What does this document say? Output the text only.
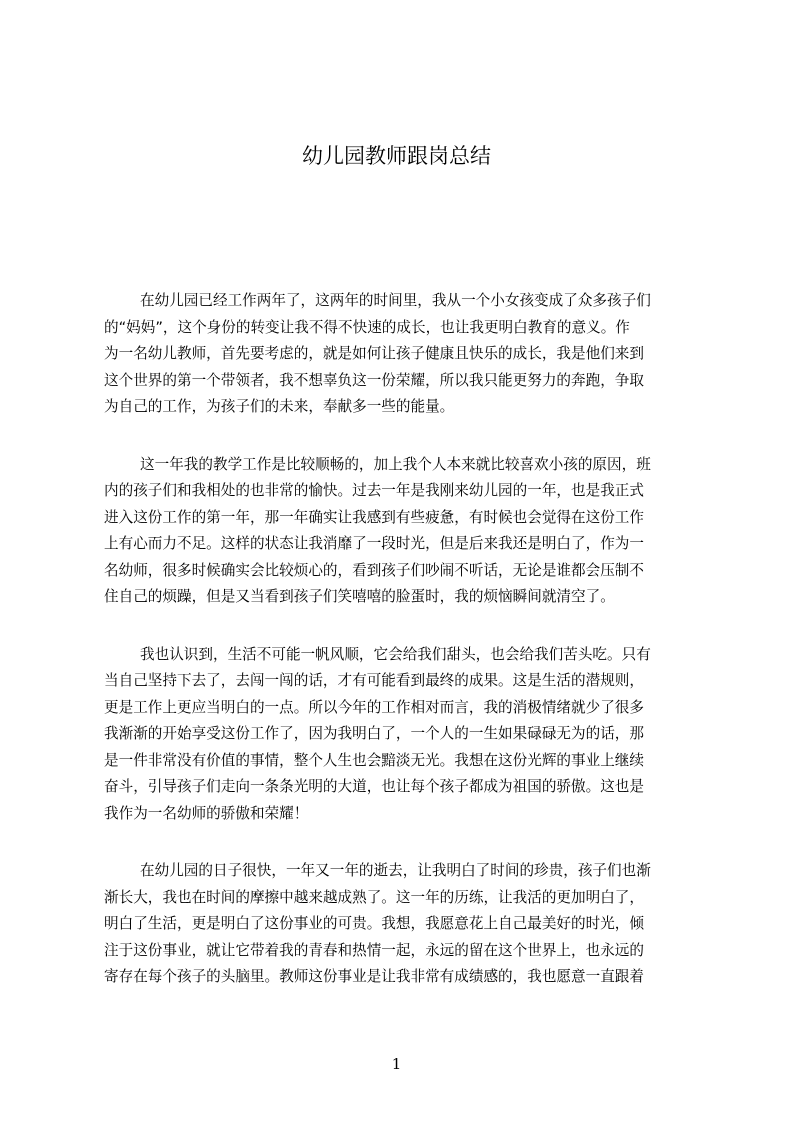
幼儿园教师跟岗总结

在幼儿园已经工作两年了，这两年的时间里，我从一个小女孩变成了众多孩子们
的“妈妈”，这个身份的转变让我不得不快速的成长，也让我更明白教育的意义。作
为一名幼儿教师，首先要考虑的，就是如何让孩子健康且快乐的成长，我是他们来到
这个世界的第一个带领者，我不想辜负这一份荣耀，所以我只能更努力的奔跑，争取
为自己的工作，为孩子们的未来，奉献多一些的能量。

这一年我的教学工作是比较顺畅的，加上我个人本来就比较喜欢小孩的原因，班
内的孩子们和我相处的也非常的愉快。过去一年是我刚来幼儿园的一年，也是我正式
进入这份工作的第一年，那一年确实让我感到有些疲惫，有时候也会觉得在这份工作
上有心而力不足。这样的状态让我消靡了一段时光，但是后来我还是明白了，作为一
名幼师，很多时候确实会比较烦心的，看到孩子们吵闹不听话，无论是谁都会压制不
住自己的烦躁，但是又当看到孩子们笑嘻嘻的脸蛋时，我的烦恼瞬间就清空了。

我也认识到，生活不可能一帆风顺，它会给我们甜头，也会给我们苦头吃。只有
当自己坚持下去了，去闯一闯的话，才有可能看到最终的成果。这是生活的潜规则，
更是工作上更应当明白的一点。所以今年的工作相对而言，我的消极情绪就少了很多
我渐渐的开始享受这份工作了，因为我明白了，一个人的一生如果碌碌无为的话，那
是一件非常没有价值的事情，整个人生也会黯淡无光。我想在这份光辉的事业上继续
奋斗，引导孩子们走向一条条光明的大道，也让每个孩子都成为祖国的骄傲。这也是
我作为一名幼师的骄傲和荣耀！

在幼儿园的日子很快，一年又一年的逝去，让我明白了时间的珍贵，孩子们也渐
渐长大，我也在时间的摩擦中越来越成熟了。这一年的历练，让我活的更加明白了，
明白了生活，更是明白了这份事业的可贵。我想，我愿意花上自己最美好的时光，倾
注于这份事业，就让它带着我的青春和热情一起，永远的留在这个世界上，也永远的
寄存在每个孩子的头脑里。教师这份事业是让我非常有成绩感的，我也愿意一直跟着

1
